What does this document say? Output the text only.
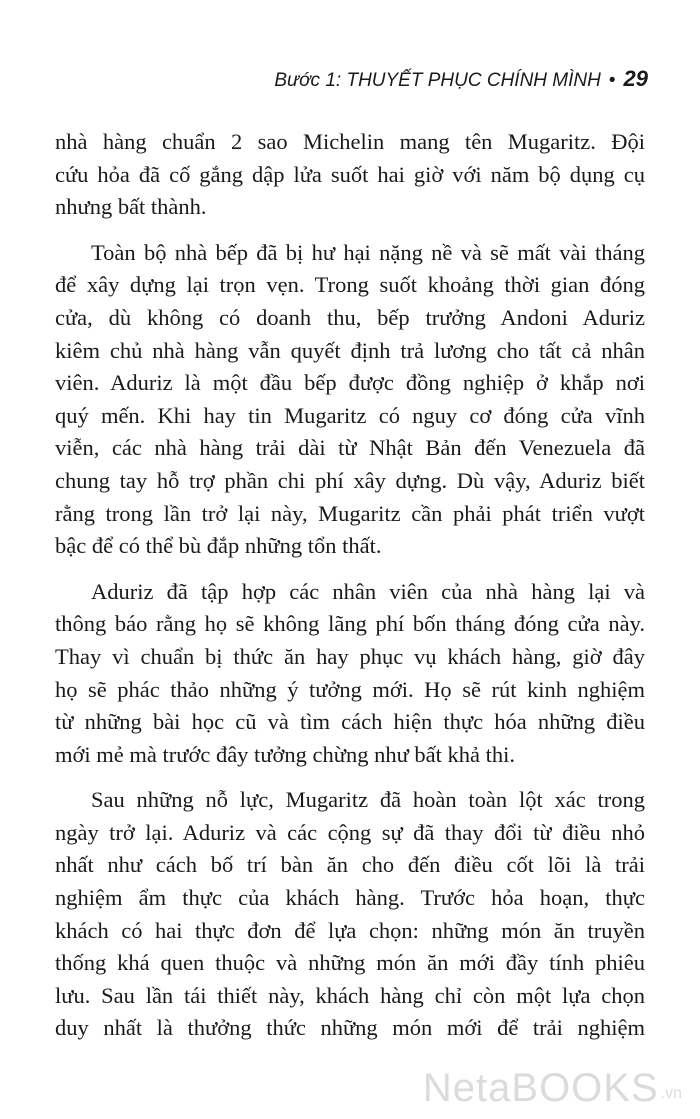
Bước 1: THUYẾT PHỤC CHÍNH MÌNH • 29

nhà hàng chuẩn 2 sao Michelin mang tên Mugaritz. Đội
cứu hỏa đã cố gắng dập lửa suốt hai giờ với năm bộ dụng cụ
nhưng bất thành.

Toàn bộ nhà bếp đã bị hư hại nặng nề và sẽ mất vài tháng
để xây dựng lại trọn vẹn. Trong suốt khoảng thời gian đóng
cửa, dù không có doanh thu, bếp trưởng Andoni Aduriz
kiêm chủ nhà hàng vẫn quyết định trả lương cho tất cả nhân
viên. Aduriz là một đầu bếp được đồng nghiệp ở khắp nơi
quý mến. Khi hay tin Mugaritz có nguy cơ đóng cửa vĩnh
viễn, các nhà hàng trải dài từ Nhật Bản đến Venezuela đã
chung tay hỗ trợ phần chi phí xây dựng. Dù vậy, Aduriz biết
rằng trong lần trở lại này, Mugaritz cần phải phát triển vượt
bậc để có thể bù đắp những tổn thất.

Aduriz đã tập hợp các nhân viên của nhà hàng lại và
thông báo rằng họ sẽ không lãng phí bốn tháng đóng cửa này.
Thay vì chuẩn bị thức ăn hay phục vụ khách hàng, giờ đây
họ sẽ phác thảo những ý tưởng mới. Họ sẽ rút kinh nghiệm
từ những bài học cũ và tìm cách hiện thực hóa những điều
mới mẻ mà trước đây tưởng chừng như bất khả thi.

Sau những nỗ lực, Mugaritz đã hoàn toàn lột xác trong
ngày trở lại. Aduriz và các cộng sự đã thay đổi từ điều nhỏ
nhất như cách bố trí bàn ăn cho đến điều cốt lõi là trải
nghiệm ẩm thực của khách hàng. Trước hỏa hoạn, thực
khách có hai thực đơn để lựa chọn: những món ăn truyền
thống khá quen thuộc và những món ăn mới đầy tính phiêu
lưu. Sau lần tái thiết này, khách hàng chỉ còn một lựa chọn
duy nhất là thưởng thức những món mới để trải nghiệm

NetaBOOKS .vn
